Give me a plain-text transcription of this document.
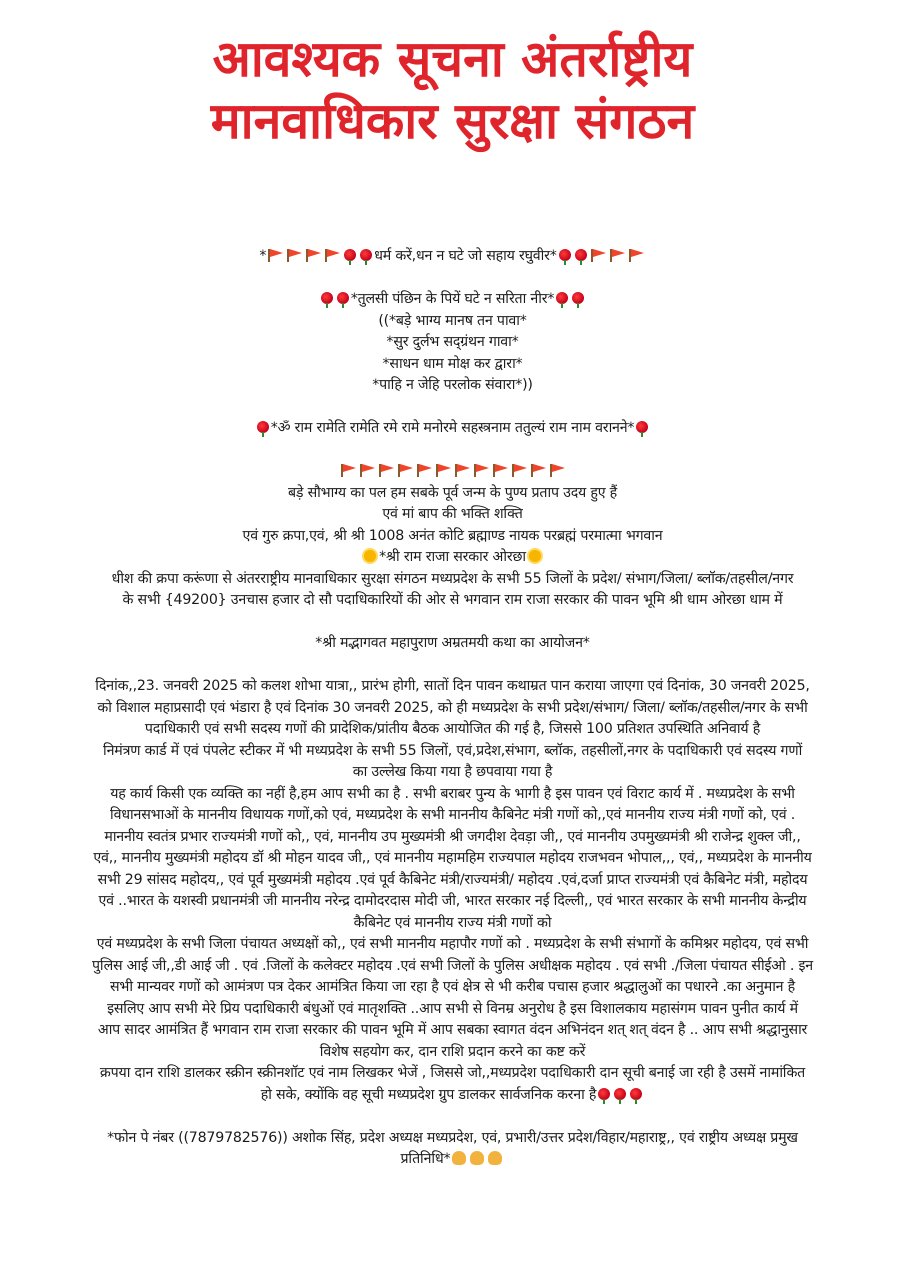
आवश्यक सूचना अंतर्राष्ट्रीय
मानवाधिकार सुरक्षा संगठन
*	धर्म करें,धन न घटे जो सहाय रघुवीर*
*तुलसी पंछिन के पियें घटे न सरिता नीर*
((*बड़े भाग्य मानष तन पावा*
*सुर दुर्लभ सद्ग्रंथन गावा*
*साधन धाम मोक्ष कर द्वारा*
*पाहि न जेहि परलोक संवारा*))
*ॐ राम रामेति रामेति रमे रामे मनोरमे सहस्त्रनाम ततुल्यं राम नाम वरानने*
बड़े सौभाग्य का पल हम सबके पूर्व जन्म के पुण्य प्रताप उदय हुए हैं
एवं मां बाप की भक्ति शक्ति
एवं गुरु क्रपा,एवं, श्री श्री 1008 अनंत कोटि ब्रह्माण्ड नायक परब्रह्मं परमात्मा भगवान
*श्री राम राजा सरकार ओरछा
धीश की क्रपा करूंणा से अंतरराष्ट्रीय मानवाधिकार सुरक्षा संगठन मध्यप्रदेश के सभी 55 जिलों के प्रदेश/ संभाग/जिला/ ब्लॉक/तहसील/नगर
के सभी {49200} उनचास हजार दो सौ पदाधिकारियों की ओर से भगवान राम राजा सरकार की पावन भूमि श्री धाम ओरछा धाम में
*श्री मद्भागवत महापुराण अम्रतमयी कथा का आयोजन*
दिनांक,,23. जनवरी 2025 को कलश शोभा यात्रा,, प्रारंभ होगी, सातों दिन पावन कथाम्रत पान कराया जाएगा एवं दिनांक, 30 जनवरी 2025,
को विशाल महाप्रसादी एवं भंडारा है एवं दिनांक 30 जनवरी 2025, को ही मध्यप्रदेश के सभी प्रदेश/संभाग/ जिला/ ब्लॉक/तहसील/नगर के सभी
पदाधिकारी एवं सभी सदस्य गणों की प्रादेशिक/प्रांतीय बैठक आयोजित की गई है, जिससे 100 प्रतिशत उपस्थिति अनिवार्य है
निमंत्रण कार्ड में एवं पंपलेट स्टीकर में भी मध्यप्रदेश के सभी 55 जिलों, एवं,प्रदेश,संभाग, ब्लॉक, तहसीलों,नगर के पदाधिकारी एवं सदस्य गणों
का उल्लेख किया गया है छपवाया गया है
यह कार्य किसी एक व्यक्ति का नहीं है,हम आप सभी का है . सभी बराबर पुन्य के भागी है इस पावन एवं विराट कार्य में . मध्यप्रदेश के सभी
विधानसभाओं के माननीय विधायक गणों,को एवं, मध्यप्रदेश के सभी माननीय कैबिनेट मंत्री गणों को,,एवं माननीय राज्य मंत्री गणों को, एवं .
माननीय स्वतंत्र प्रभार राज्यमंत्री गणों को,, एवं, माननीय उप मुख्यमंत्री श्री जगदीश देवड़ा जी,, एवं माननीय उपमुख्यमंत्री श्री राजेन्द्र शुक्ल जी,,
एवं,, माननीय मुख्यमंत्री महोदय डॉ श्री मोहन यादव जी,, एवं माननीय महामहिम राज्यपाल महोदय राजभवन भोपाल,,, एवं,, मध्यप्रदेश के माननीय
सभी 29 सांसद महोदय,, एवं पूर्व मुख्यमंत्री महोदय .एवं पूर्व कैबिनेट मंत्री/राज्यमंत्री/ महोदय .एवं,दर्जा प्राप्त राज्यमंत्री एवं कैबिनेट मंत्री, महोदय
एवं ..भारत के यशस्वी प्रधानमंत्री जी माननीय नरेन्द्र दामोदरदास मोदी जी, भारत सरकार नई दिल्ली,, एवं भारत सरकार के सभी माननीय केन्द्रीय
कैबिनेट एवं माननीय राज्य मंत्री गणों को
एवं मध्यप्रदेश के सभी जिला पंचायत अध्यक्षों को,, एवं सभी माननीय महापौर गणों को . मध्यप्रदेश के सभी संभागों के कमिश्नर महोदय, एवं सभी
पुलिस आई जी,,डी आई जी . एवं .जिलों के कलेक्टर महोदय .एवं सभी जिलों के पुलिस अधीक्षक महोदय . एवं सभी ./जिला पंचायत सीईओ . इन
सभी मान्यवर गणों को आमंत्रण पत्र देकर आमंत्रित किया जा रहा है एवं क्षेत्र से भी करीब पचास हजार श्रद्धालुओं का पधारने .का अनुमान है
इसलिए आप सभी मेरे प्रिय पदाधिकारी बंधुओं एवं मातृशक्ति ..आप सभी से विनम्र अनुरोध है इस विशालकाय महासंगम पावन पुनीत कार्य में
आप सादर आमंत्रित हैं भगवान राम राजा सरकार की पावन भूमि में आप सबका स्वागत वंदन अभिनंदन शत् शत् वंदन है .. आप सभी श्रद्धानुसार
विशेष सहयोग कर, दान राशि प्रदान करने का कष्ट करें
क्रपया दान राशि डालकर स्क्रीन स्क्रीनशॉट एवं नाम लिखकर भेजें , जिससे जो,,मध्यप्रदेश पदाधिकारी दान सूची बनाई जा रही है उसमें नामांकित
हो सके, क्योंकि वह सूची मध्यप्रदेश ग्रुप डालकर सार्वजनिक करना है
*फोन पे नंबर ((7879782576)) अशोक सिंह, प्रदेश अध्यक्ष मध्यप्रदेश, एवं, प्रभारी/उत्तर प्रदेश/विहार/महाराष्ट्र,, एवं राष्ट्रीय अध्यक्ष प्रमुख
प्रतिनिधि*
